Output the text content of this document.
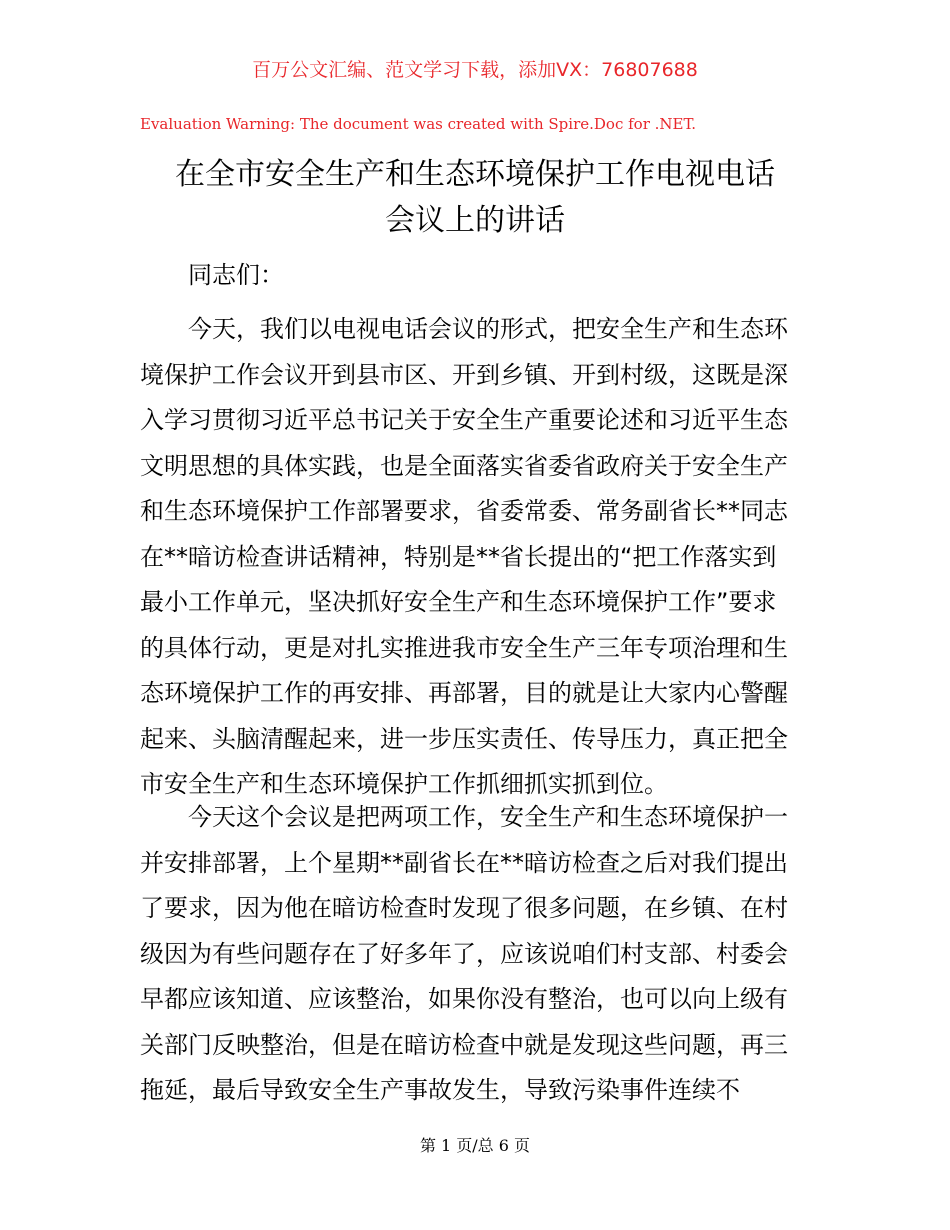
百万公文汇编、范文学习下载，添加VX：76807688
Evaluation Warning: The document was created with Spire.Doc for .NET.
在全市安全生产和生态环境保护工作电视电话
会议上的讲话
同志们：
今天，我们以电视电话会议的形式，把安全生产和生态环
境保护工作会议开到县市区、开到乡镇、开到村级，这既是深
入学习贯彻习近平总书记关于安全生产重要论述和习近平生态
文明思想的具体实践，也是全面落实省委省政府关于安全生产
和生态环境保护工作部署要求，省委常委、常务副省长**同志
在**暗访检查讲话精神，特别是**省长提出的“把工作落实到
最小工作单元，坚决抓好安全生产和生态环境保护工作”要求
的具体行动，更是对扎实推进我市安全生产三年专项治理和生
态环境保护工作的再安排、再部署，目的就是让大家内心警醒
起来、头脑清醒起来，进一步压实责任、传导压力，真正把全
市安全生产和生态环境保护工作抓细抓实抓到位。
今天这个会议是把两项工作，安全生产和生态环境保护一
并安排部署，上个星期**副省长在**暗访检查之后对我们提出
了要求，因为他在暗访检查时发现了很多问题，在乡镇、在村
级因为有些问题存在了好多年了，应该说咱们村支部、村委会
早都应该知道、应该整治，如果你没有整治，也可以向上级有
关部门反映整治，但是在暗访检查中就是发现这些问题，再三
拖延，最后导致安全生产事故发生，导致污染事件连续不
第 1 页/总 6 页
